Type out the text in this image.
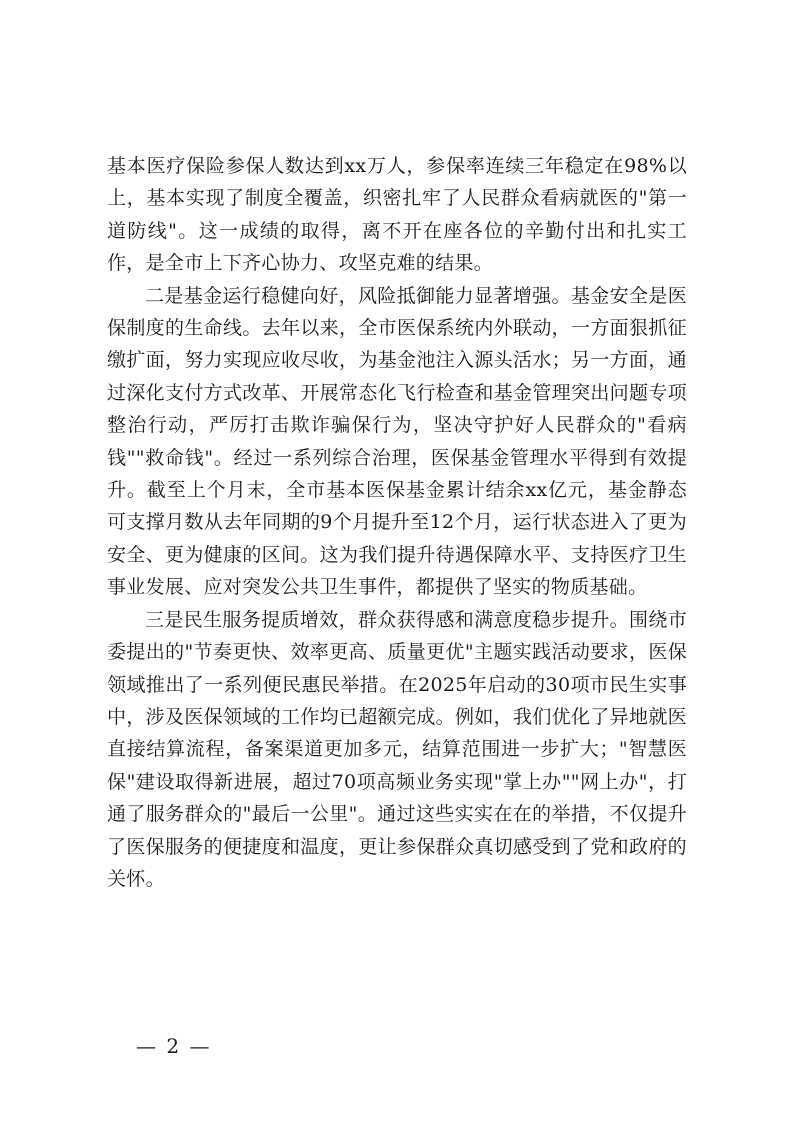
基本医疗保险参保人数达到xx万人，参保率连续三年稳定在98%以上，基本实现了制度全覆盖，织密扎牢了人民群众看病就医的"第一道防线"。这一成绩的取得，离不开在座各位的辛勤付出和扎实工作，是全市上下齐心协力、攻坚克难的结果。

二是基金运行稳健向好，风险抵御能力显著增强。基金安全是医保制度的生命线。去年以来，全市医保系统内外联动，一方面狠抓征缴扩面，努力实现应收尽收，为基金池注入源头活水；另一方面，通过深化支付方式改革、开展常态化飞行检查和基金管理突出问题专项整治行动，严厉打击欺诈骗保行为，坚决守护好人民群众的"看病钱""救命钱"。经过一系列综合治理，医保基金管理水平得到有效提升。截至上个月末，全市基本医保基金累计结余xx亿元，基金静态可支撑月数从去年同期的9个月提升至12个月，运行状态进入了更为安全、更为健康的区间。这为我们提升待遇保障水平、支持医疗卫生事业发展、应对突发公共卫生事件，都提供了坚实的物质基础。

三是民生服务提质增效，群众获得感和满意度稳步提升。围绕市委提出的"节奏更快、效率更高、质量更优"主题实践活动要求，医保领域推出了一系列便民惠民举措。在2025年启动的30项市民生实事中，涉及医保领域的工作均已超额完成。例如，我们优化了异地就医直接结算流程，备案渠道更加多元，结算范围进一步扩大；"智慧医保"建设取得新进展，超过70项高频业务实现"掌上办""网上办"，打通了服务群众的"最后一公里"。通过这些实实在在的举措，不仅提升了医保服务的便捷度和温度，更让参保群众真切感受到了党和政府的关怀。

— 2 —
